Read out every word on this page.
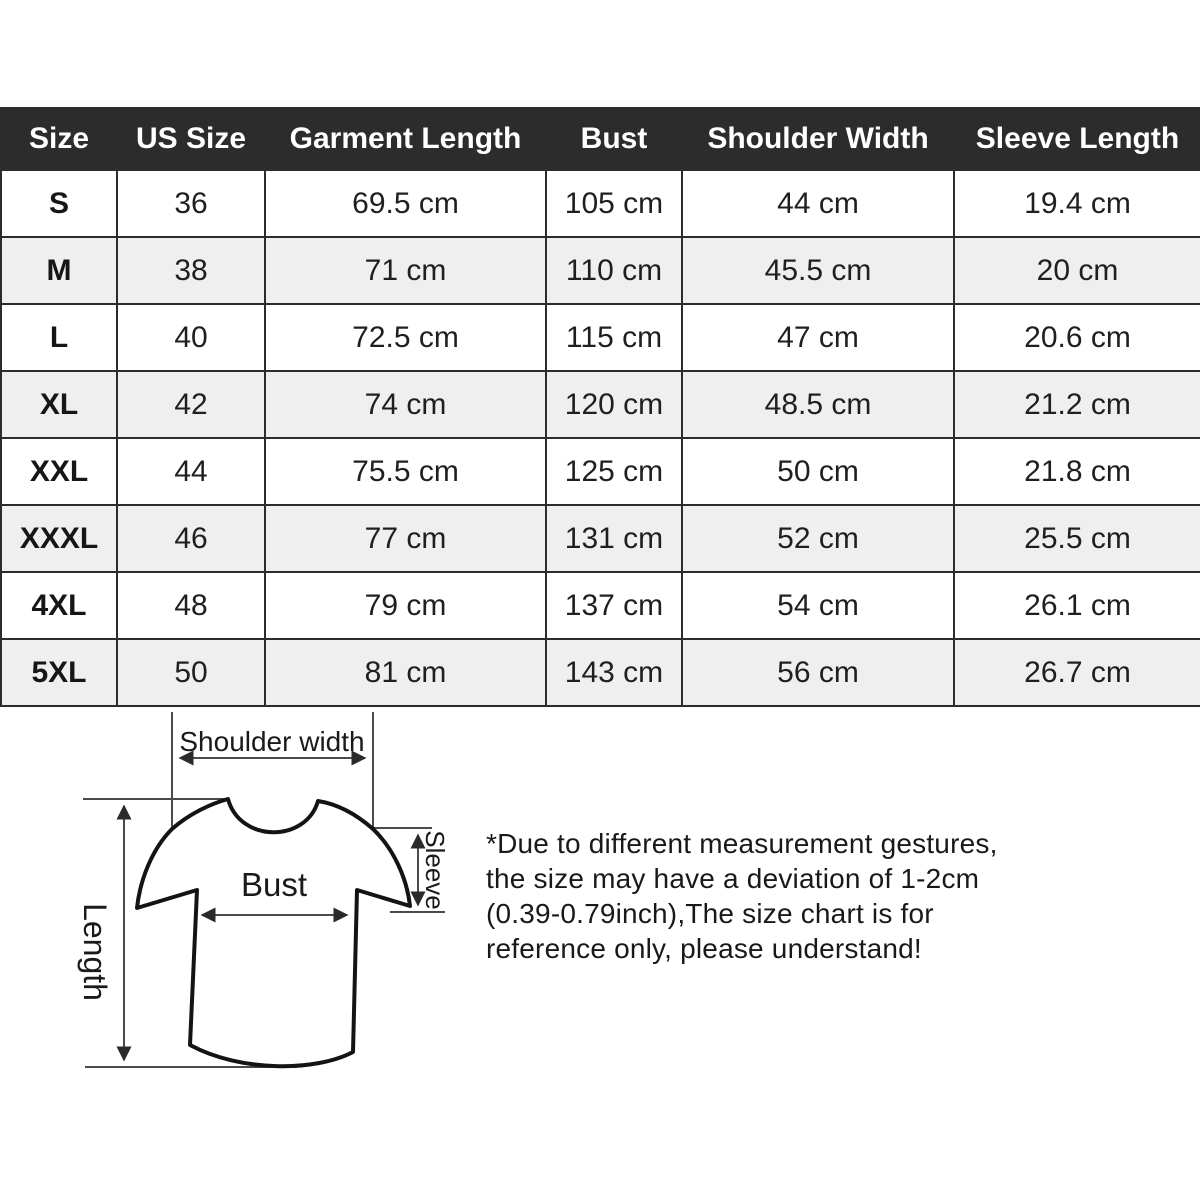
Size	US Size	Garment Length	Bust	Shoulder Width	Sleeve Length
S	36	69.5 cm	105 cm	44 cm	19.4 cm
M	38	71 cm	110 cm	45.5 cm	20 cm
L	40	72.5 cm	115 cm	47 cm	20.6 cm
XL	42	74 cm	120 cm	48.5 cm	21.2 cm
XXL	44	75.5 cm	125 cm	50 cm	21.8 cm
XXXL	46	77 cm	131 cm	52 cm	25.5 cm
4XL	48	79 cm	137 cm	54 cm	26.1 cm
5XL	50	81 cm	143 cm	56 cm	26.7 cm
Shoulder width
Length
Bust	Sleeve *Due to different measurement gestures,
the size may have a deviation of 1-2cm
(0.39-0.79inch),The size chart is for
reference only, please understand!
